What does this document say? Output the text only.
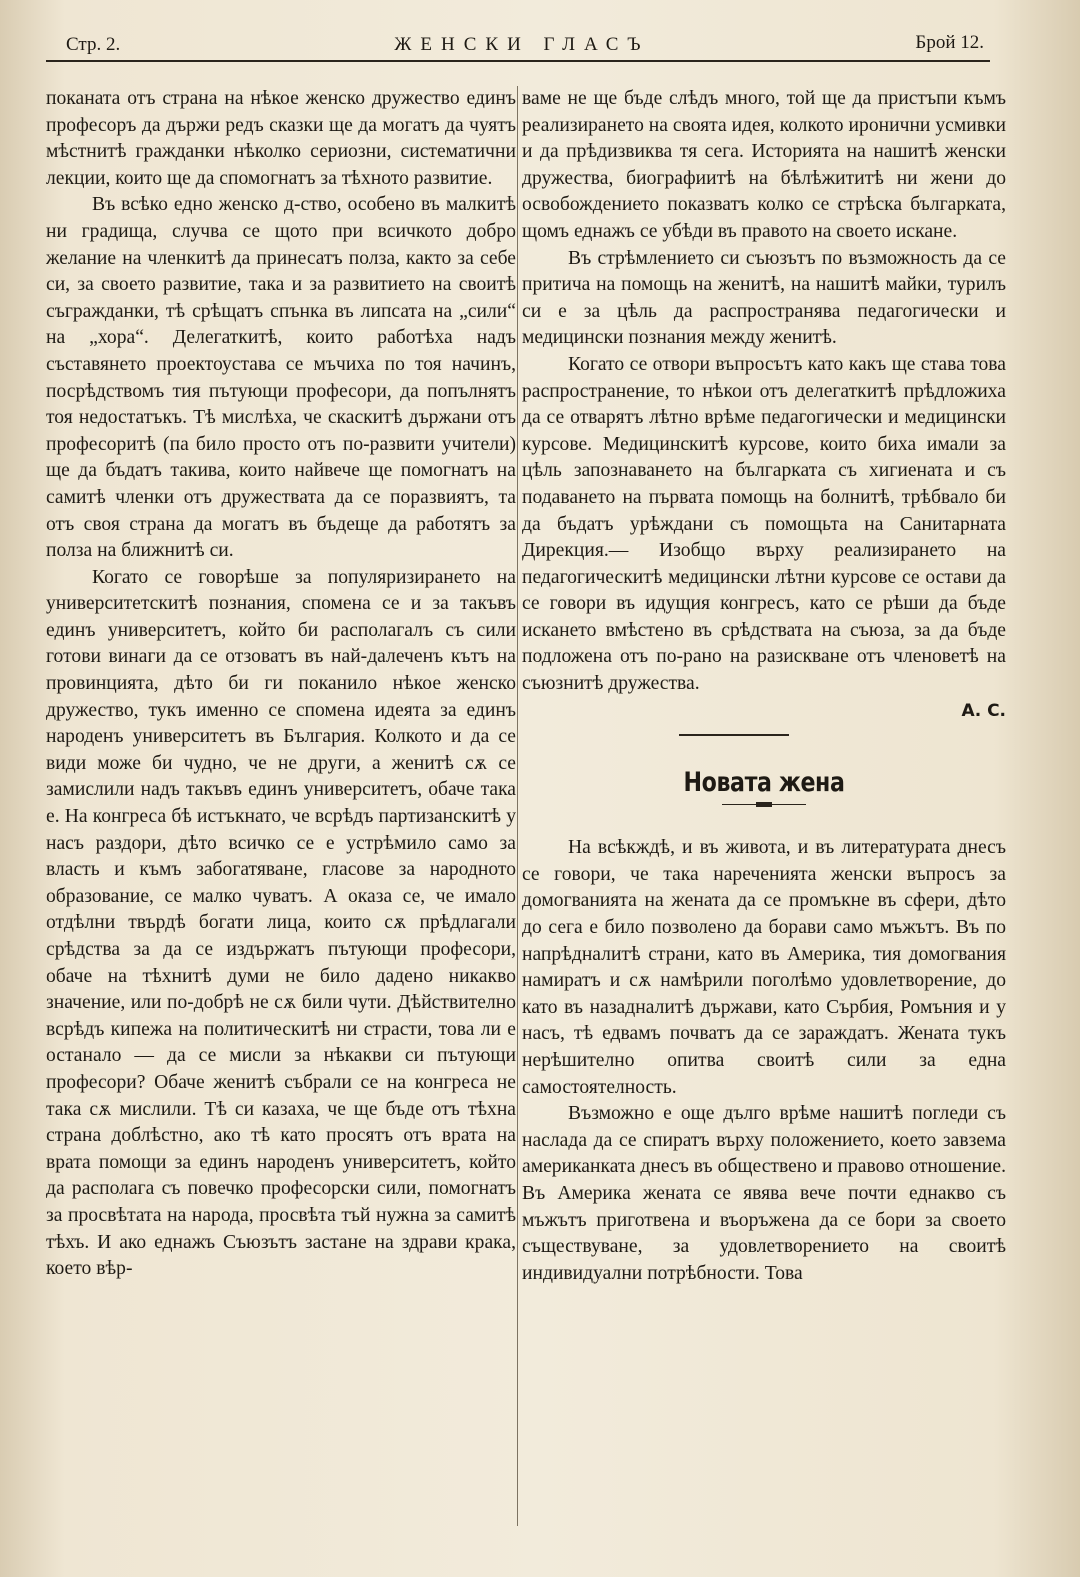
Стр. 2.	ЖЕНСКИ ГЛАСЪ	Брой 12.

поканата отъ страна на нѣкое женско дружество единъ професоръ да държи редъ сказки ще да могатъ да чуятъ мѣстнитѣ гражданки нѣколко сериозни, систематични лекции, които ще да спомогнатъ за тѣхното развитие.

Въ всѣко едно женско д-ство, особено въ малкитѣ ни градища, случва се щото при всичкото добро желание на членкитѣ да принесатъ полза, както за себе си, за своето развитие, така и за развитието на своитѣ съгражданки, тѣ срѣщатъ спънка въ липсата на „сили“ на „хора“. Делегаткитѣ, които работѣха надъ съставянето проектоустава се мъчиха по тоя начинъ, посрѣдствомъ тия пътующи професори, да попълнятъ тоя недостатъкъ. Тѣ мислѣха, че скаскитѣ държани отъ професоритѣ (па било просто отъ по-развити учители) ще да бъдатъ такива, които найвече ще помогнатъ на самитѣ членки отъ дружествата да се поразвиятъ, та отъ своя страна да могатъ въ бъдеще да работятъ за полза на ближнитѣ си.

Когато се говорѣше за популяризирането на университетскитѣ познания, спомена се и за такъвъ единъ университетъ, който би располагалъ съ сили готови винаги да се отзоватъ въ най-далеченъ кътъ на провинцията, дѣто би ги поканило нѣкое женско дружество, тукъ именно се спомена идеята за единъ народенъ университетъ въ България. Колкото и да се види може би чудно, че не други, а женитѣ сѫ се замислили надъ такъвъ единъ университетъ, обаче така е. На конгреса бѣ истъкнато, че всрѣдъ партизанскитѣ у насъ раздори, дѣто всичко се е устрѣмило само за власть и къмъ забогатяване, гласове за народното образование, се малко чуватъ. А оказа се, че имало отдѣлни твърдѣ богати лица, които сѫ прѣдлагали срѣдства за да се издържатъ пътующи професори, обаче на тѣхнитѣ думи не било дадено никакво значение, или по-добрѣ не сѫ били чути. Дѣйствително всрѣдъ кипежа на политическитѣ ни страсти, това ли е останало — да се мисли за нѣкакви си пътующи професори? Обаче женитѣ събрали се на конгреса не така сѫ мислили. Тѣ си казаха, че ще бъде отъ тѣхна страна доблѣстно, ако тѣ като просятъ отъ врата на врата помощи за единъ народенъ университетъ, който да располага съ повечко професорски сили, помогнатъ за просвѣтата на народа, просвѣта тъй нужна за самитѣ тѣхъ. И ако еднажъ Съюзътъ застане на здрави крака, което вѣр-

ваме не ще бъде слѣдъ много, той ще да пристъпи къмъ реализирането на своята идея, колкото иронични усмивки и да прѣдизвиква тя сега. Историята на нашитѣ женски дружества, биографиитѣ на бѣлѣжититѣ ни жени до освобождението показватъ колко се стрѣска българката, щомъ еднажъ се убѣди въ правото на своето искане.

Въ стрѣмлението си съюзътъ по възможность да се притича на помощь на женитѣ, на нашитѣ майки, турилъ си е за цѣль да распространява педагогически и медицински познания между женитѣ.

Когато се отвори въпросътъ като какъ ще става това распространение, то нѣкои отъ делегаткитѣ прѣдложиха да се отварятъ лѣтно врѣме педагогически и медицински курсове. Медицинскитѣ курсове, които биха имали за цѣль запознаването на българката съ хигиената и съ подаването на първата помощь на болнитѣ, трѣбвало би да бъдатъ урѣждани съ помощьта на Санитарната Дирекция.— Изобщо върху реализирането на педагогическитѣ медицински лѣтни курсове се остави да се говори въ идущия конгресъ, като се рѣши да бъде искането вмѣстено въ срѣдствата на съюза, за да бъде подложена отъ по-рано на разискване отъ членоветѣ на съюзнитѣ дружества.

А. С.

Новата жена

На всѣкждѣ, и въ живота, и въ литературата днесъ се говори, че така нареченията женски въпросъ за домогванията на жената да се промъкне въ сфери, дѣто до сега е било позволено да борави само мъжътъ. Въ по напрѣдналитѣ страни, като въ Америка, тия домогвания намиратъ и сѫ намѣрили поголѣмо удовлетворение, до като въ назадналитѣ държави, като Сърбия, Ромъния и у насъ, тѣ едвамъ почватъ да се зараждатъ. Жената тукъ нерѣшително опитва своитѣ сили за една самостоятелность.

Възможно е още дълго врѣме нашитѣ погледи съ наслада да се спиратъ върху положението, което завзема американката днесъ въ обществено и правово отношение. Въ Америка жената се явява вече почти еднакво съ мъжътъ приготвена и въоръжена да се бори за своето съществуване, за удовлетворението на своитѣ индивидуални потрѣбности. Това
